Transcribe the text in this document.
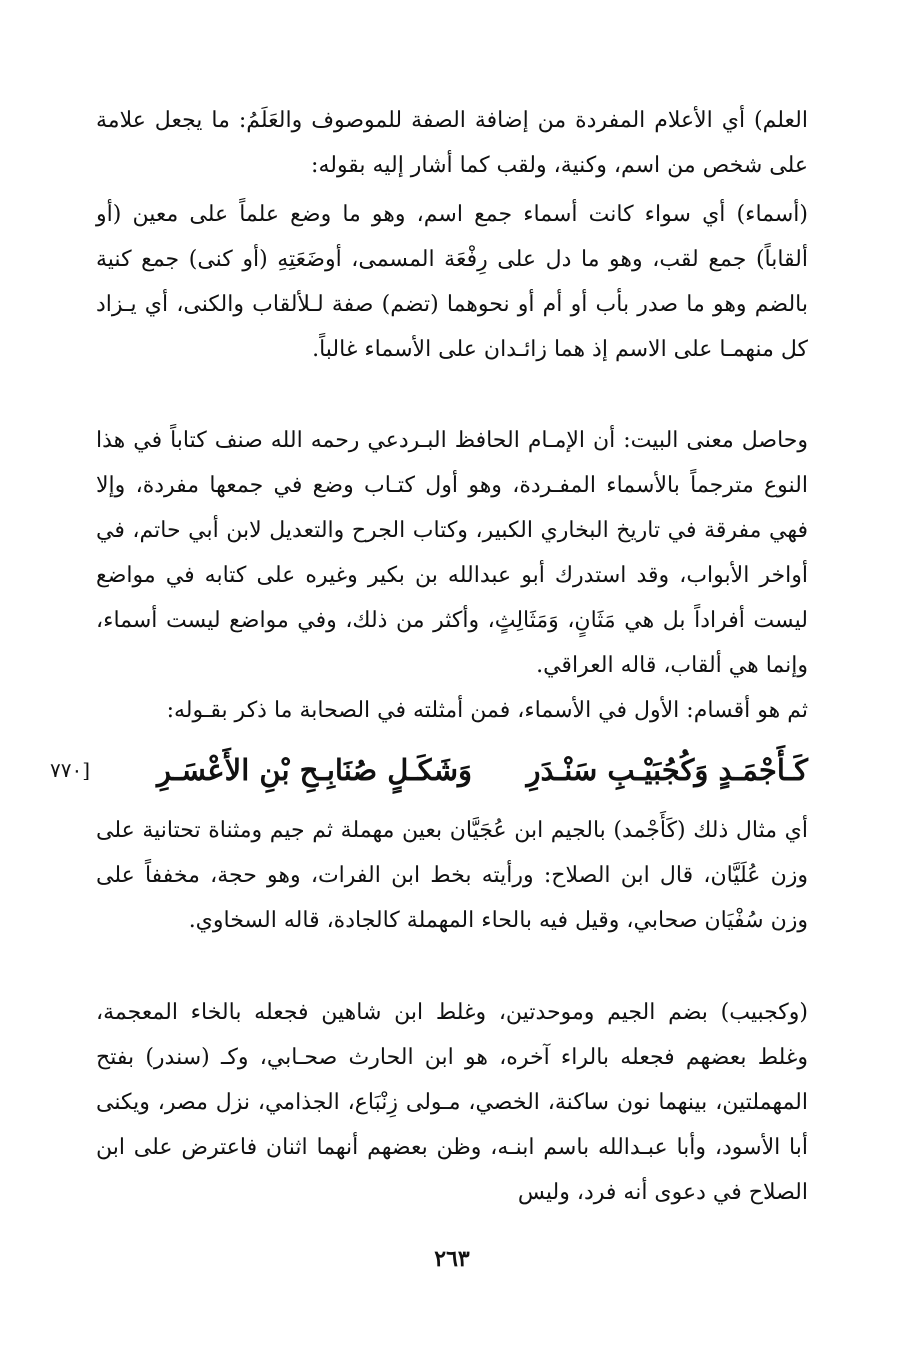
العلم) أي الأعلام المفردة من إضافة الصفة للموصوف والعَلَمُ: ما يجعل علامة على شخص من اسم، وكنية، ولقب كما أشار إليه بقوله:

(أسماء) أي سواء كانت أسماء جمع اسم، وهو ما وضع علماً على معين (أو ألقاباً) جمع لقب، وهو ما دل على رِفْعَة المسمى، أوضَعَتِهِ (أو كنى) جمع كنية بالضم وهو ما صدر بأب أو أم أو نحوهما (تضم) صفة لـلألقاب والكنى، أي يـزاد كل منهمـا على الاسم إذ هما زائـدان على الأسماء غالباً.

وحاصل معنى البيت: أن الإمـام الحافظ البـردعي رحمه الله صنف كتاباً في هذا النوع مترجماً بالأسماء المفـردة، وهو أول كتـاب وضع في جمعها مفردة، وإلا فهي مفرقة في تاريخ البخاري الكبير، وكتاب الجرح والتعديل لابن أبي حاتم، في أواخر الأبواب، وقد استدرك أبو عبدالله بن بكير وغيره على كتابه في مواضع ليست أفراداً بل هي مَثَانٍ، وَمَثَالِثٍ، وأكثر من ذلك، وفي مواضع ليست أسماء، وإنما هي ألقاب، قاله العراقي.

ثم هو أقسام: الأول في الأسماء، فمن أمثلته في الصحابة ما ذكر بقـوله:

كَـأَجْمَـدٍ وَكُجُبَيْـبِ سَنْـدَرِوَشَكَـلٍ صُنَابِـحِ بْنِ الأَعْسَـرِ
[٧٧٠

أي مثال ذلك (كَأَجْمد) بالجيم ابن عُجَيَّان بعين مهملة ثم جيم ومثناة تحتانية على وزن عُلَيَّان، قال ابن الصلاح: ورأيته بخط ابن الفرات، وهو حجة، مخففاً على وزن سُفْيَان صحابي، وقيل فيه بالحاء المهملة كالجادة، قاله السخاوي.

(وكجبيب) بضم الجيم وموحدتين، وغلط ابن شاهين فجعله بالخاء المعجمة، وغلط بعضهم فجعله بالراء آخره، هو ابن الحارث صحـابي، وكـ (سندر) بفتح المهملتين، بينهما نون ساكنة، الخصي، مـولى زِنْبَاع، الجذامي، نزل مصر، ويكنى أبا الأسود، وأبا عبـدالله باسم ابنـه، وظن بعضهم أنهما اثنان فاعترض على ابن الصلاح في دعوى أنه فرد، وليس

٢٦٣
